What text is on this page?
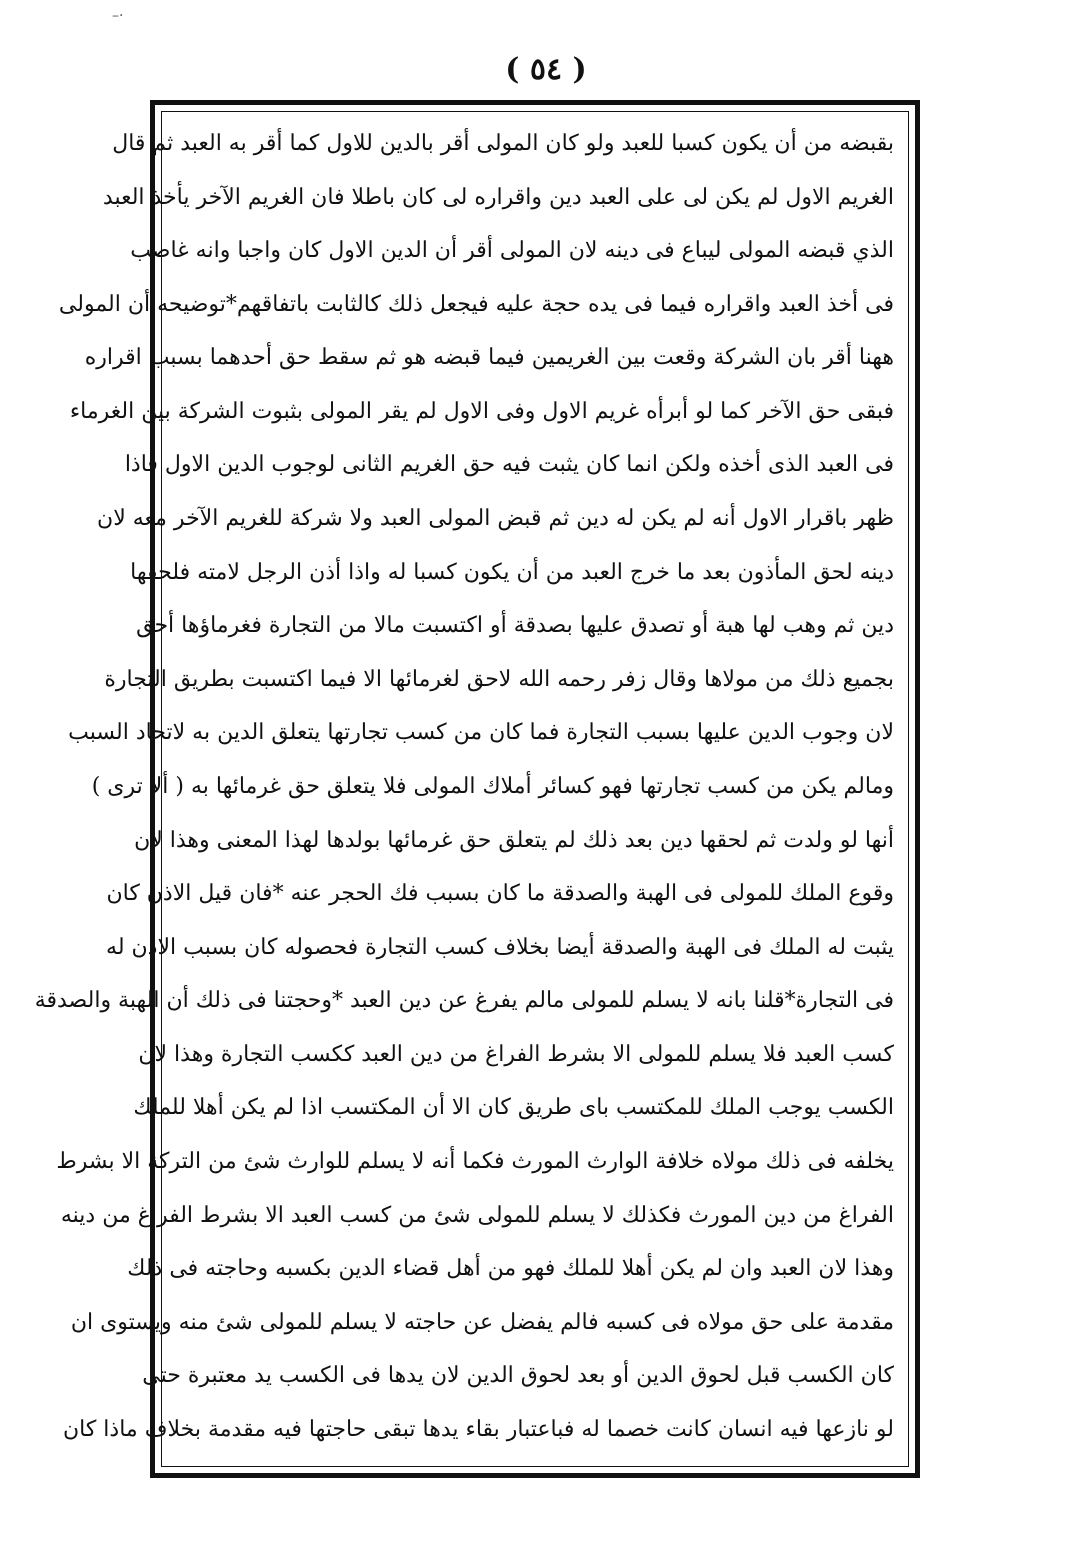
–·
( ٥٤ )
بقبضه من أن يكون كسبا للعبد ولو كان المولى أقر بالدين للاول كما أقر به العبد ثم قال
الغريم الاول لم يكن لى على العبد دين واقراره لى كان باطلا فان الغريم الآخر يأخذ العبد
الذي قبضه المولى ليباع فى دينه لان المولى أقر أن الدين الاول كان واجبا وانه غاصب
فى أخذ العبد واقراره فيما فى يده حجة عليه فيجعل ذلك كالثابت باتفاقهم*توضيحه أن المولى
ههنا أقر بان الشركة وقعت بين الغريمين فيما قبضه هو ثم سقط حق أحدهما بسبب اقراره
فبقى حق الآخر كما لو أبرأه غريم الاول وفى الاول لم يقر المولى بثبوت الشركة بين الغرماء
فى العبد الذى أخذه ولكن انما كان يثبت فيه حق الغريم الثانى لوجوب الدين الاول فاذا
ظهر باقرار الاول أنه لم يكن له دين ثم قبض المولى العبد ولا شركة للغريم الآخر معه لان
دينه لحق المأذون بعد ما خرج العبد من أن يكون كسبا له واذا أذن الرجل لامته فلحقها
دين ثم وهب لها هبة أو تصدق عليها بصدقة أو اكتسبت مالا من التجارة فغرماؤها أحق
بجميع ذلك من مولاها وقال زفر رحمه الله لاحق لغرمائها الا فيما اكتسبت بطريق التجارة
لان وجوب الدين عليها بسبب التجارة فما كان من كسب تجارتها يتعلق الدين به لاتحاد السبب
ومالم يكن من كسب تجارتها فهو كسائر أملاك المولى فلا يتعلق حق غرمائها به ( ألا ترى )
أنها لو ولدت ثم لحقها دين بعد ذلك لم يتعلق حق غرمائها بولدها لهذا المعنى وهذا لان
وقوع الملك للمولى فى الهبة والصدقة ما كان بسبب فك الحجر عنه *فان قيل الاذن كان
يثبت له الملك فى الهبة والصدقة أيضا بخلاف كسب التجارة فحصوله كان بسبب الاذن له
فى التجارة*قلنا بانه لا يسلم للمولى مالم يفرغ عن دين العبد *وحجتنا فى ذلك أن الهبة والصدقة
كسب العبد فلا يسلم للمولى الا بشرط الفراغ من دين العبد ككسب التجارة وهذا لان
الكسب يوجب الملك للمكتسب باى طريق كان الا أن المكتسب اذا لم يكن أهلا للملك
يخلفه فى ذلك مولاه خلافة الوارث المورث فكما أنه لا يسلم للوارث شئ من التركة الا بشرط
الفراغ من دين المورث فكذلك لا يسلم للمولى شئ من كسب العبد الا بشرط الفراغ من دينه
وهذا لان العبد وان لم يكن أهلا للملك فهو من أهل قضاء الدين بكسبه وحاجته فى ذلك
مقدمة على حق مولاه فى كسبه فالم يفضل عن حاجته لا يسلم للمولى شئ منه ويستوى ان
كان الكسب قبل لحوق الدين أو بعد لحوق الدين لان يدها فى الكسب يد معتبرة حتى
لو نازعها فيه انسان كانت خصما له فباعتبار بقاء يدها تبقى حاجتها فيه مقدمة بخلاف ماذا كان
